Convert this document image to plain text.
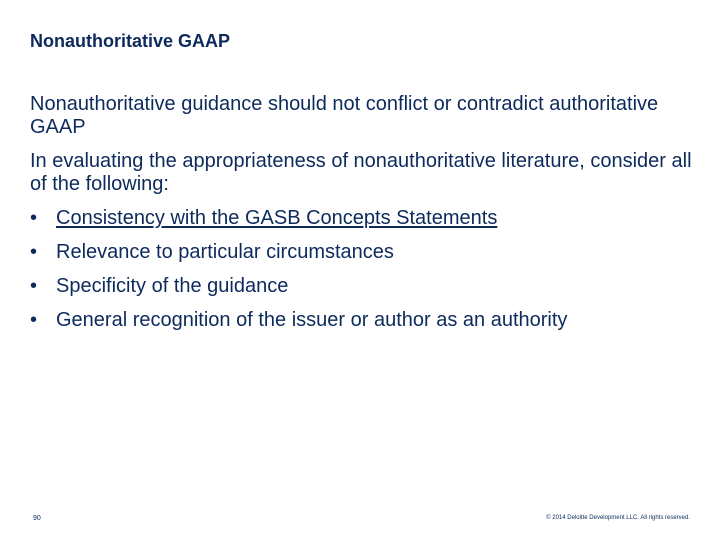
Nonauthoritative GAAP

Nonauthoritative guidance should not conflict or contradict authoritative GAAP

In evaluating the appropriateness of nonauthoritative literature, consider all of the following:

• Consistency with the GASB Concepts Statements
• Relevance to particular circumstances
• Specificity of the guidance
• General recognition of the issuer or author as an authority
90	© 2014 Deloitte Development LLC. All rights reserved.
